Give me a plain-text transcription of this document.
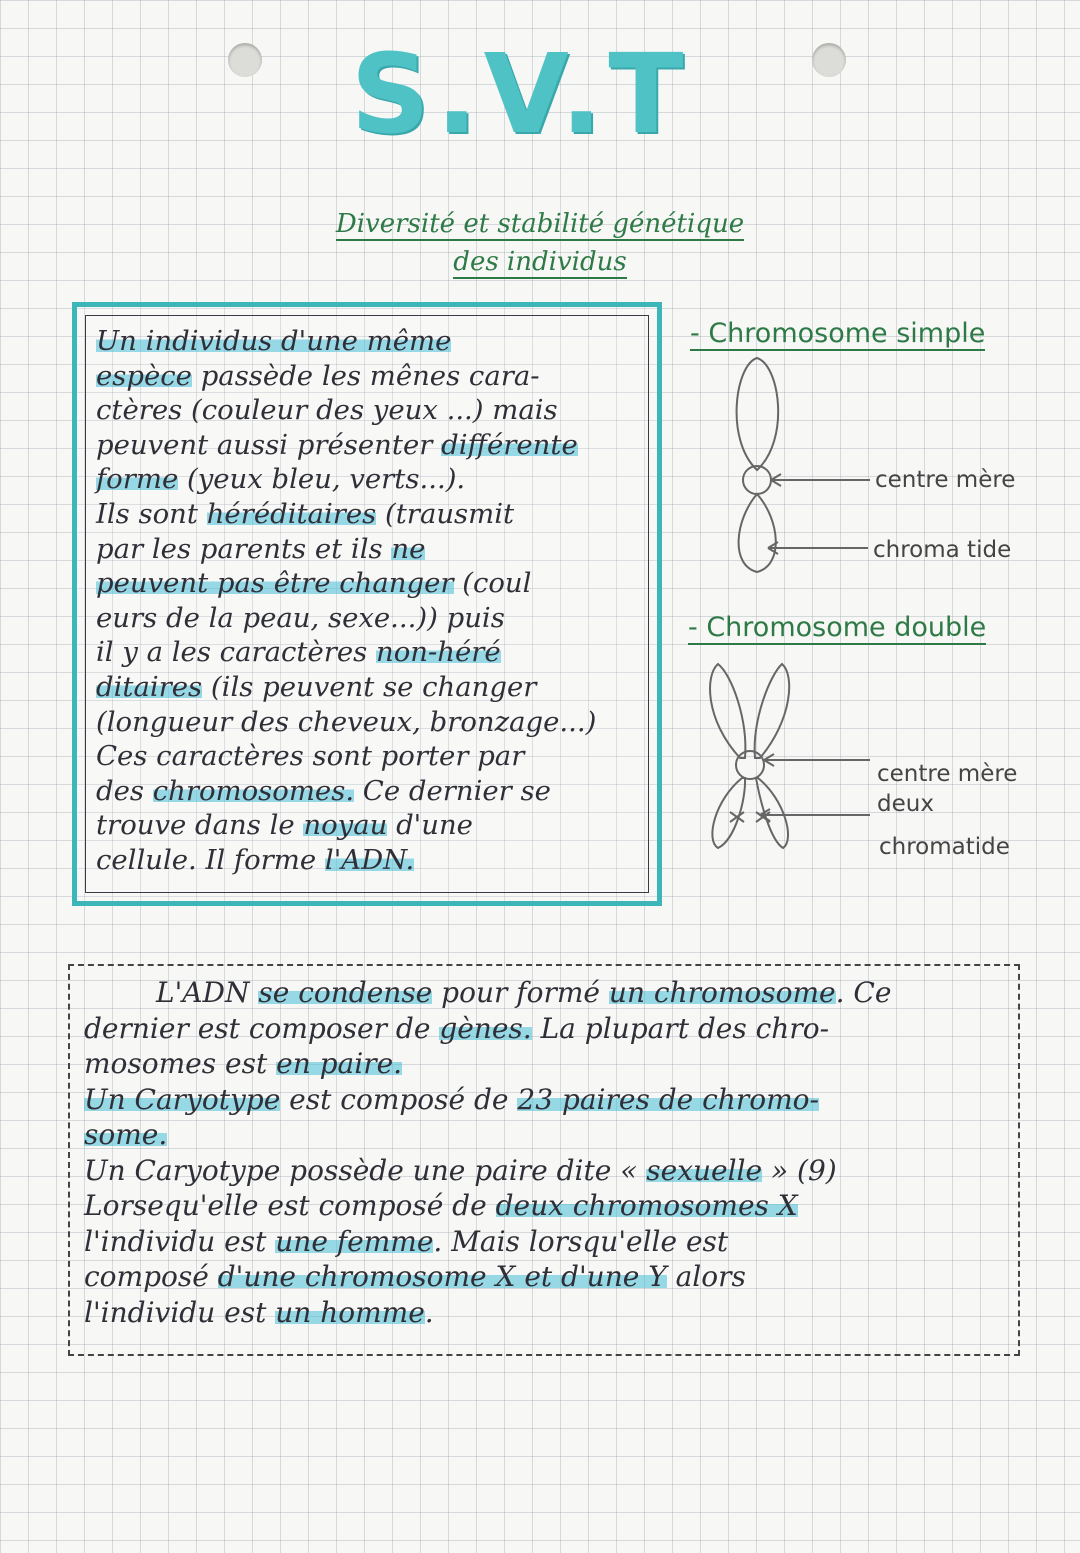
S.V.T
Diversité et stabilité génétique
des individus
Un individus d'une même
espèce passède les mênes cara-
ctères (couleur des yeux ...) mais
peuvent aussi présenter différente
forme (yeux bleu, verts...).
Ils sont héréditaires (trausmit
par les parents et ils ne
peuvent pas être changer (coul
eurs de la peau, sexe...)) puis
il y a les caractères non-héré
ditaires (ils peuvent se changer
(longueur des cheveux, bronzage...)
Ces caractères sont porter par
des chromosomes. Ce dernier se
trouve dans le noyau d'une
cellule. Il forme l'ADN.
- Chromosome simple
centre mère
chroma tide
- Chromosome double
centre mère
deux
chromatide
L'ADN se condense pour formé un chromosome. Ce
dernier est composer de gènes. La plupart des chro-
mosomes est en paire.
Un Caryotype est composé de 23 paires de chromo-
some.
Un Caryotype possède une paire dite « sexuelle » (9)
Lorsequ'elle est composé de deux chromosomes X
l'individu est une femme. Mais lorsqu'elle est
composé d'une chromosome X et d'une Y alors
l'individu est un homme.
